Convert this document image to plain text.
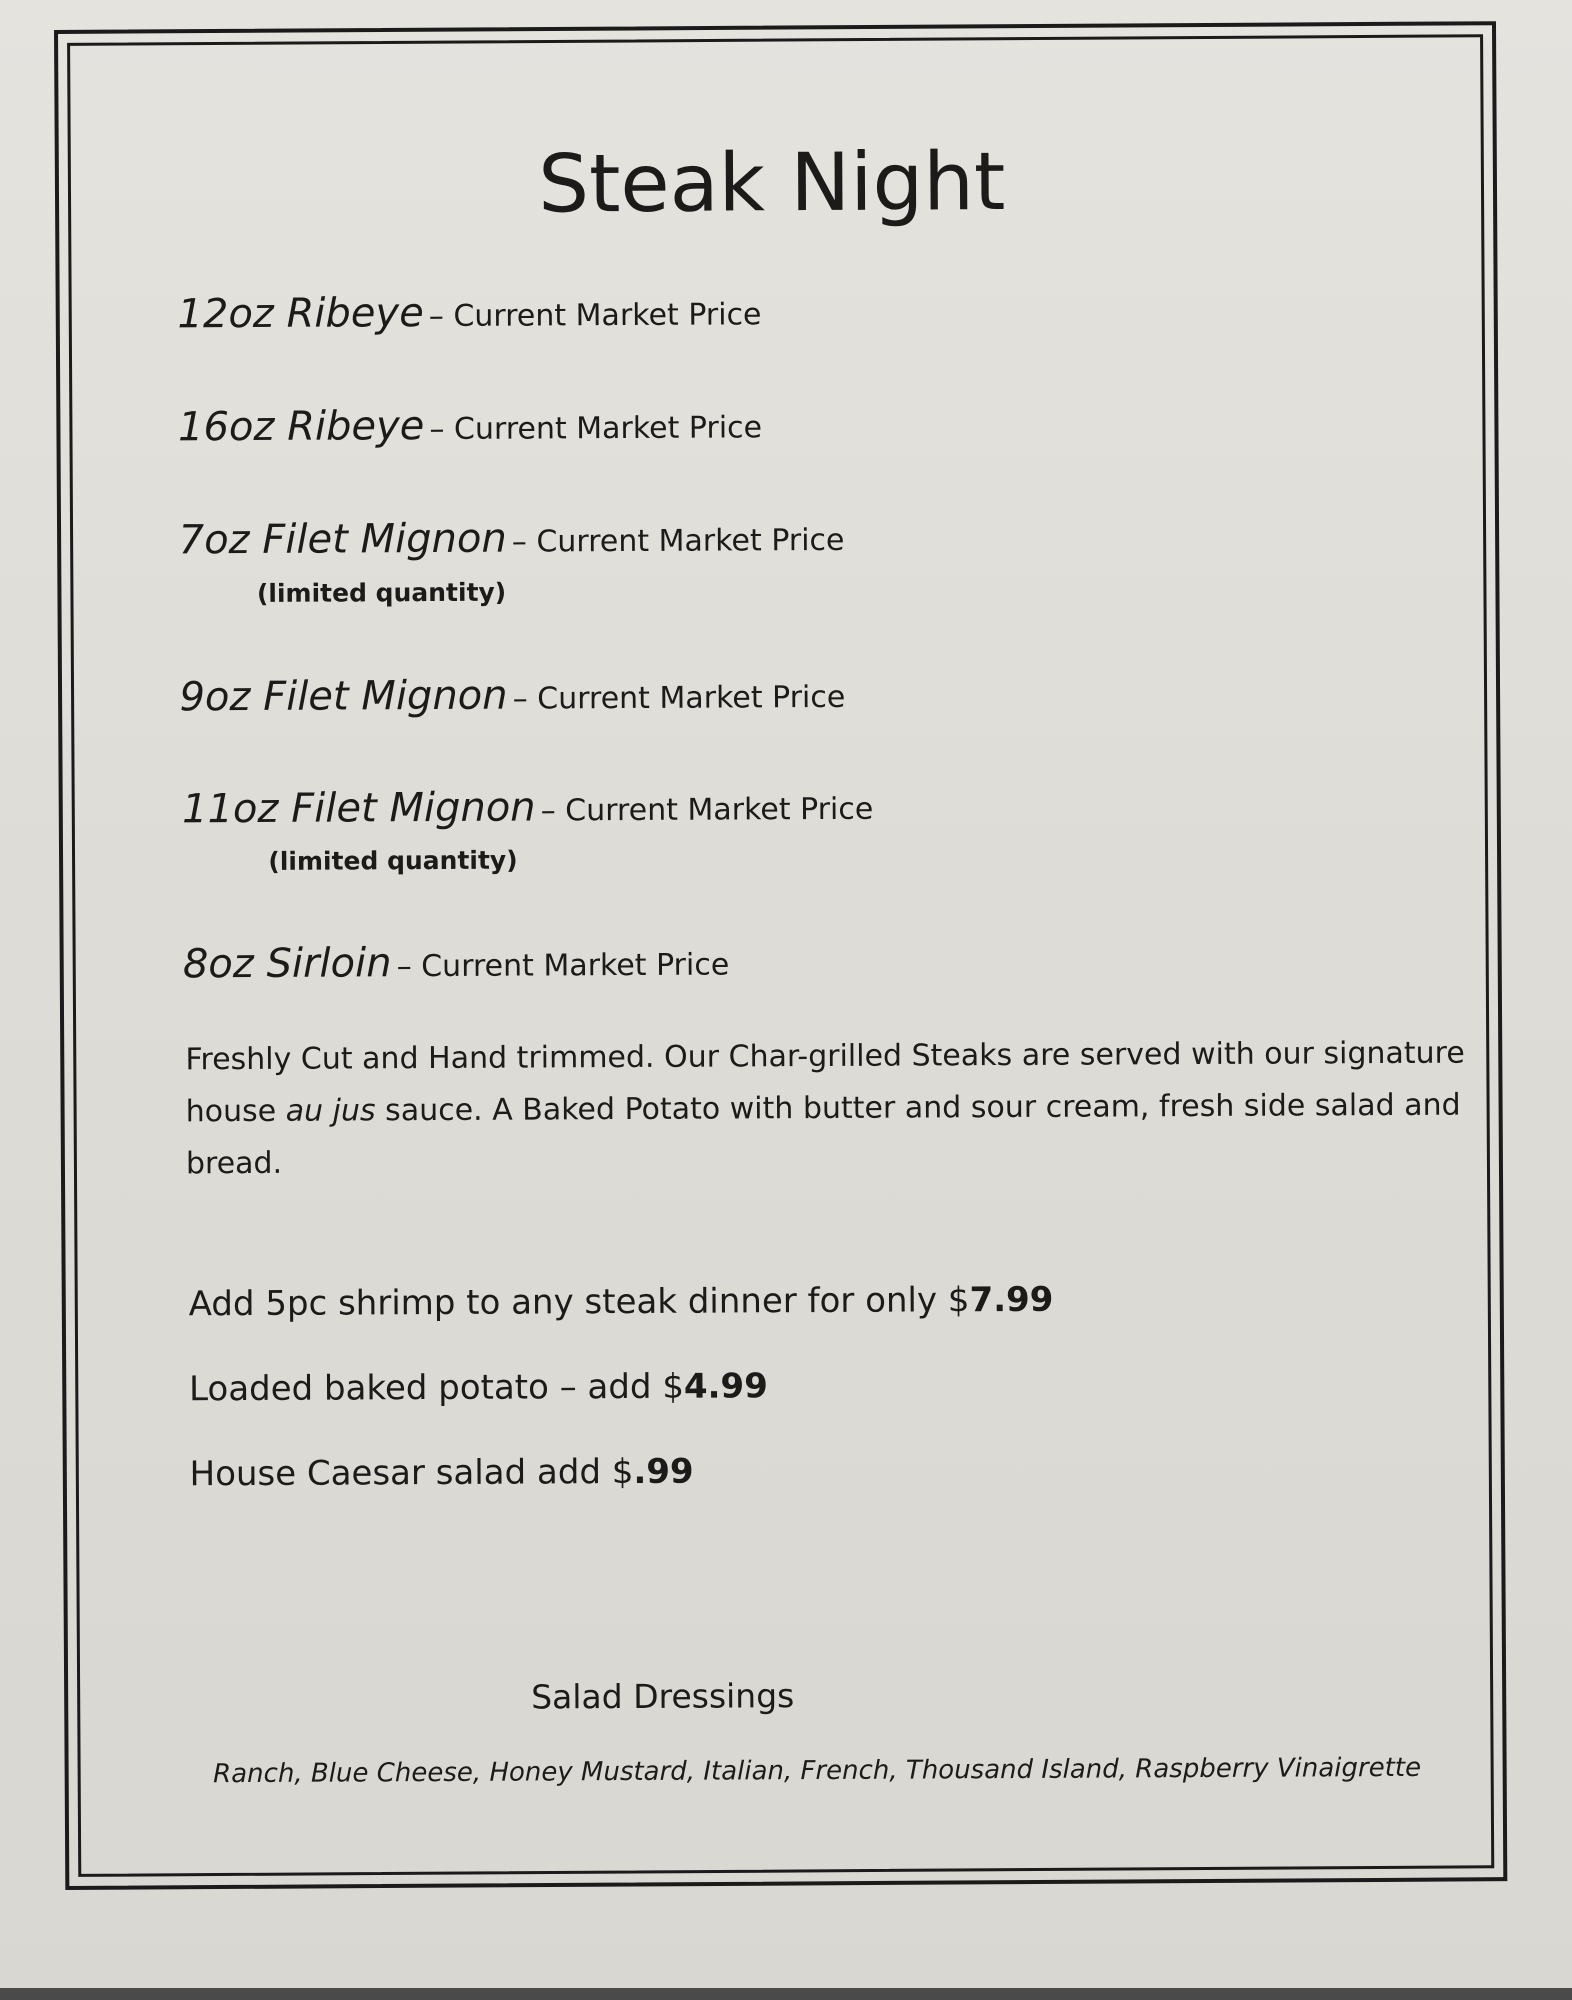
Steak Night
12oz Ribeye – Current Market Price
16oz Ribeye – Current Market Price
7oz Filet Mignon – Current Market Price
(limited quantity)
9oz Filet Mignon – Current Market Price
11oz Filet Mignon – Current Market Price
(limited quantity)
8oz Sirloin – Current Market Price

Freshly Cut and Hand trimmed. Our Char-grilled Steaks are served with our signature house au jus sauce. A Baked Potato with butter and sour cream, fresh side salad and bread.

Add 5pc shrimp to any steak dinner for only $7.99
Loaded baked potato – add $4.99
House Caesar salad add $.99
Salad Dressings
Ranch, Blue Cheese, Honey Mustard, Italian, French, Thousand Island, Raspberry Vinaigrette
